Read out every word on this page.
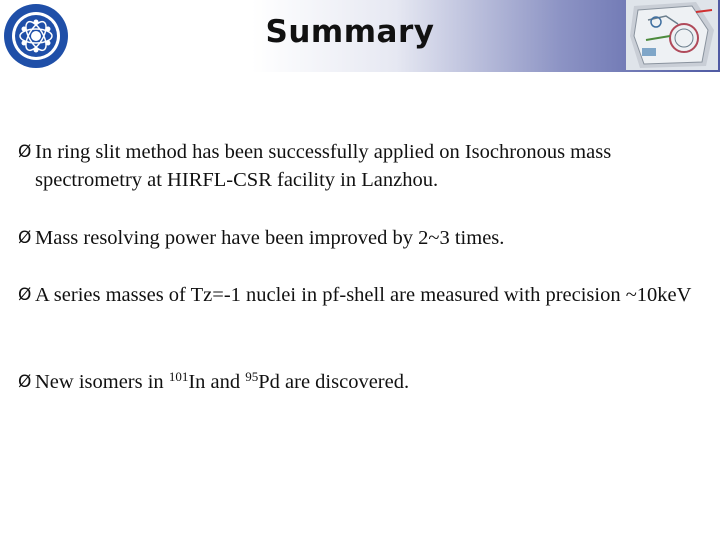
Summary
Ø In ring slit method has been successfully applied on Isochronous mass spectrometry at HIRFL-CSR facility in Lanzhou.
Ø Mass resolving power have been improved by 2~3 times.
Ø A series masses of Tz=-1 nuclei in pf-shell are measured with precision ~10keV
Ø New isomers in $^{101}$In and $^{95}$Pd are discovered.
